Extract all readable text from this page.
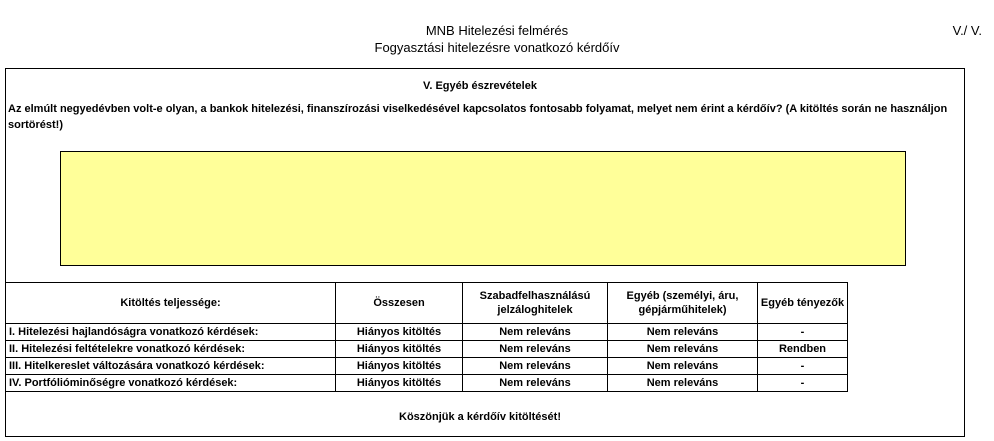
MNB Hitelezési felmérés
Fogyasztási hitelezésre vonatkozó kérdőív
V./ V.
V. Egyéb észrevételek
Az elmúlt negyedévben volt-e olyan, a bankok hitelezési, finanszírozási viselkedésével kapcsolatos fontosabb folyamat, melyet nem érint a kérdőív? (A kitöltés során ne használjon sortörést!)
Kitöltés teljessége:	Összesen	Szabadfelhasználású jelzáloghitelek	Egyéb (személyi, áru, gépjárműhitelek)	Egyéb tényezők
I. Hitelezési hajlandóságra vonatkozó kérdések:	Hiányos kitöltés	Nem releváns	Nem releváns	-
II. Hitelezési feltételekre vonatkozó kérdések:	Hiányos kitöltés	Nem releváns	Nem releváns	Rendben
III. Hitelkereslet változására vonatkozó kérdések:	Hiányos kitöltés	Nem releváns	Nem releváns	-
IV. Portfólióminőségre vonatkozó kérdések:	Hiányos kitöltés	Nem releváns	Nem releváns	-
Köszönjük a kérdőív kitöltését!
